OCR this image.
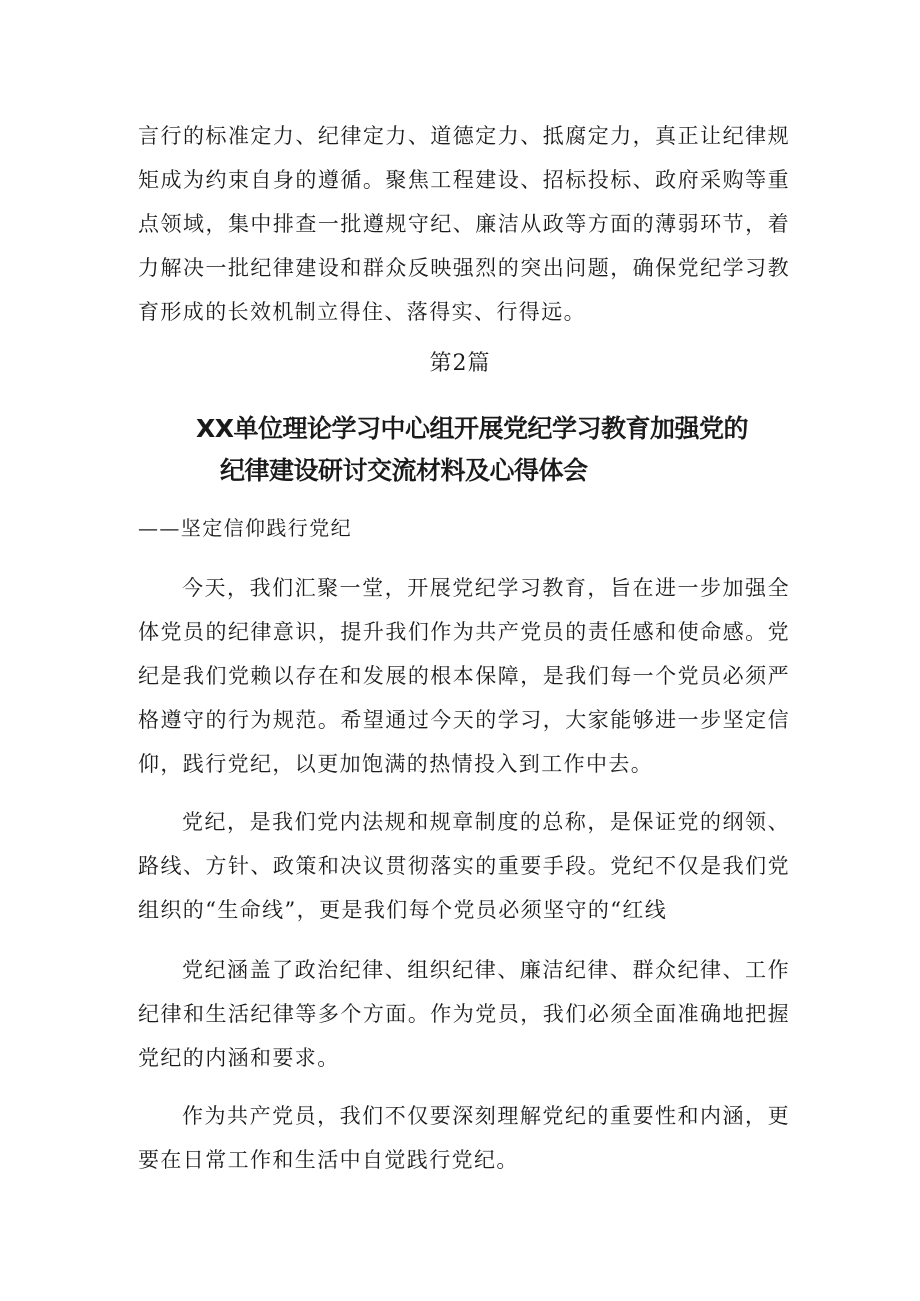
言行的标准定力、纪律定力、道德定力、抵腐定力，真正让纪律规矩成为约束自身的遵循。聚焦工程建设、招标投标、政府采购等重点领域，集中排查一批遵规守纪、廉洁从政等方面的薄弱环节，着力解决一批纪律建设和群众反映强烈的突出问题，确保党纪学习教育形成的长效机制立得住、落得实、行得远。

第2篇

XX单位理论学习中心组开展党纪学习教育加强党的
纪律建设研讨交流材料及心得体会

——坚定信仰践行党纪

今天，我们汇聚一堂，开展党纪学习教育，旨在进一步加强全体党员的纪律意识，提升我们作为共产党员的责任感和使命感。党纪是我们党赖以存在和发展的根本保障，是我们每一个党员必须严格遵守的行为规范。希望通过今天的学习，大家能够进一步坚定信仰，践行党纪，以更加饱满的热情投入到工作中去。

党纪，是我们党内法规和规章制度的总称，是保证党的纲领、路线、方针、政策和决议贯彻落实的重要手段。党纪不仅是我们党组织的“生命线”，更是我们每个党员必须坚守的“红线

党纪涵盖了政治纪律、组织纪律、廉洁纪律、群众纪律、工作纪律和生活纪律等多个方面。作为党员，我们必须全面准确地把握党纪的内涵和要求。

作为共产党员，我们不仅要深刻理解党纪的重要性和内涵，更要在日常工作和生活中自觉践行党纪。
